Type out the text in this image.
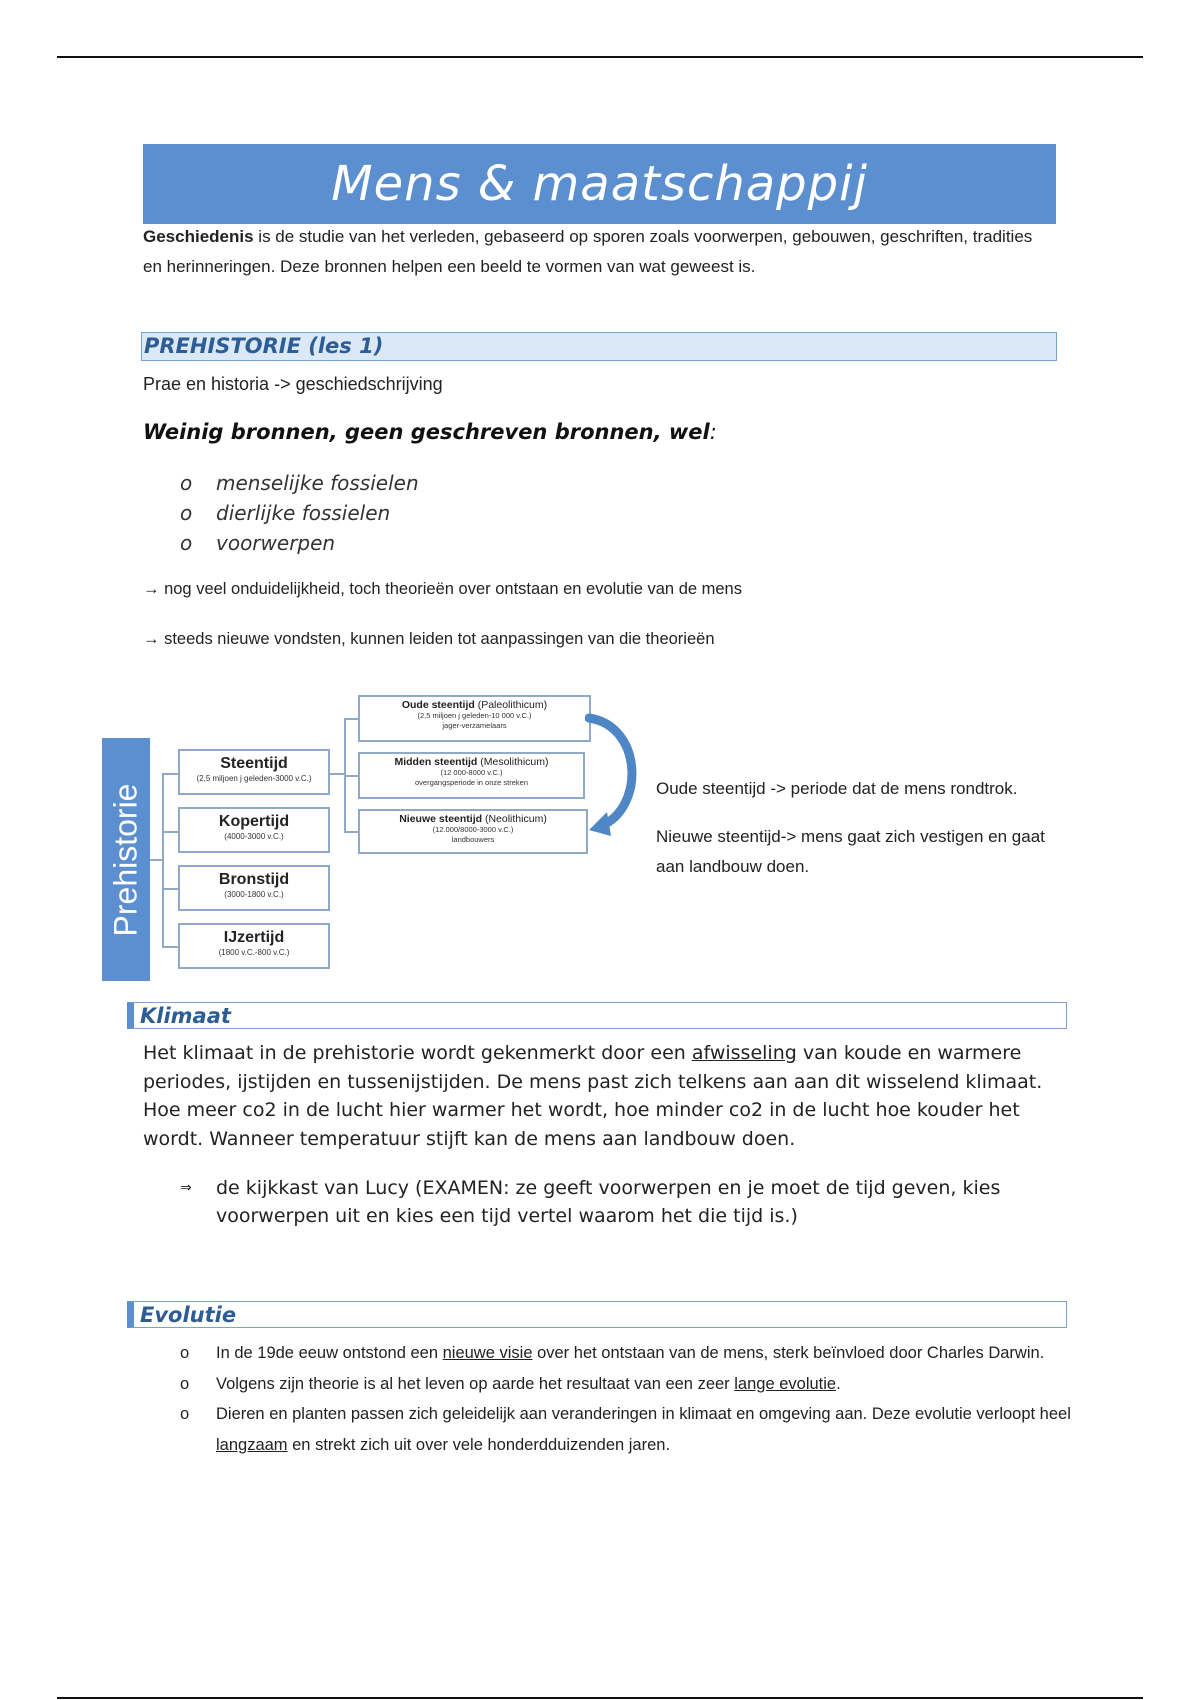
Mens & maatschappij
Geschiedenis is de studie van het verleden, gebaseerd op sporen zoals voorwerpen, gebouwen, geschriften, tradities en herinneringen. Deze bronnen helpen een beeld te vormen van wat geweest is.
PREHISTORIE (les 1)
Prae en historia -> geschiedschrijving
Weinig bronnen, geen geschreven bronnen, wel:
o menselijke fossielen
o dierlijke fossielen
o voorwerpen
→ nog veel onduidelijkheid, toch theorieën over ontstaan en evolutie van de mens
→ steeds nieuwe vondsten, kunnen leiden tot aanpassingen van die theorieën
Prehistorie
Steentijd
(2,5 miljoen j geleden-3000 v.C.)
Kopertijd
(4000-3000 v.C.)
Bronstijd
(3000-1800 v.C.)
IJzertijd
(1800 v.C.-800 v.C.)
Oude steentijd (Paleolithicum)
(2,5 miljoen j geleden-10 000 v.C.)
jager-verzamelaars
Midden steentijd (Mesolithicum)
(12 000-8000 v.C.)
overgangsperiode in onze streken
Nieuwe steentijd (Neolithicum)
(12.000/8000-3000 v.C.)
landbouwers
Oude steentijd -> periode dat de mens rondtrok.
Nieuwe steentijd-> mens gaat zich vestigen en gaat aan landbouw doen.
Klimaat
Het klimaat in de prehistorie wordt gekenmerkt door een afwisseling van koude en warmere periodes, ijstijden en tussenijstijden. De mens past zich telkens aan aan dit wisselend klimaat. Hoe meer co2 in de lucht hier warmer het wordt, hoe minder co2 in de lucht hoe kouder het wordt. Wanneer temperatuur stijft kan de mens aan landbouw doen.
⇒ de kijkkast van Lucy (EXAMEN: ze geeft voorwerpen en je moet de tijd geven, kies voorwerpen uit en kies een tijd vertel waarom het die tijd is.)
Evolutie
o In de 19de eeuw ontstond een nieuwe visie over het ontstaan van de mens, sterk beïnvloed door Charles Darwin.
o Volgens zijn theorie is al het leven op aarde het resultaat van een zeer lange evolutie.
o Dieren en planten passen zich geleidelijk aan veranderingen in klimaat en omgeving aan. Deze evolutie verloopt heel langzaam en strekt zich uit over vele honderdduizenden jaren.
